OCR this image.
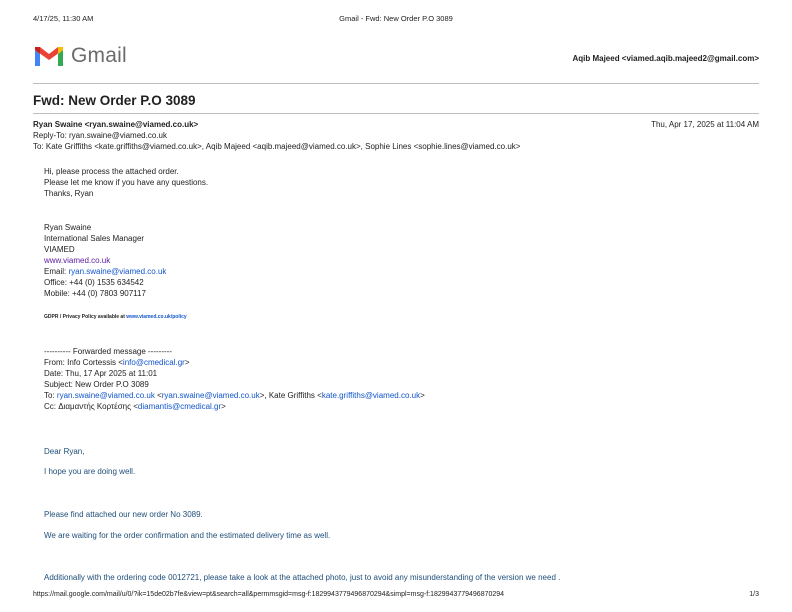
4/17/25, 11:30 AM	Gmail - Fwd: New Order P.O 3089
Gmail	Aqib Majeed <viamed.aqib.majeed2@gmail.com>
Fwd: New Order P.O 3089
Ryan Swaine <ryan.swaine@viamed.co.uk>	Thu, Apr 17, 2025 at 11:04 AM
Reply-To: ryan.swaine@viamed.co.uk
To: Kate Griffiths <kate.griffiths@viamed.co.uk>, Aqib Majeed <aqib.majeed@viamed.co.uk>, Sophie Lines <sophie.lines@viamed.co.uk>
Hi, please process the attached order.
Please let me know if you have any questions.
Thanks, Ryan
Ryan Swaine
International Sales Manager
VIAMED
www.viamed.co.uk
Email: ryan.swaine@viamed.co.uk
Office: +44 (0) 1535 634542
Mobile: +44 (0) 7803 907117
GDPR / Privacy Policy available at www.viamed.co.uk/policy
---------- Forwarded message ---------
From: Info Cortessis <info@cmedical.gr>
Date: Thu, 17 Apr 2025 at 11:01
Subject: New Order P.O 3089
To: ryan.swaine@viamed.co.uk <ryan.swaine@viamed.co.uk>, Kate Griffiths <kate.griffiths@viamed.co.uk>
Cc: Διαμαντής Κορτέσης <diamantis@cmedical.gr>
Dear Ryan,
I hope you are doing well.
Please find attached our new order No 3089.
We are waiting for the order confirmation and the estimated delivery time as well.
Additionally with the ordering code 0012721, please take a look at the attached photo, just to avoid any misunderstanding of the version we need .
https://mail.google.com/mail/u/0/?ik=15de02b7fe&view=pt&search=all&permmsgid=msg-f:1829943779496870294&simpl=msg-f:1829943779496870294	1/3
